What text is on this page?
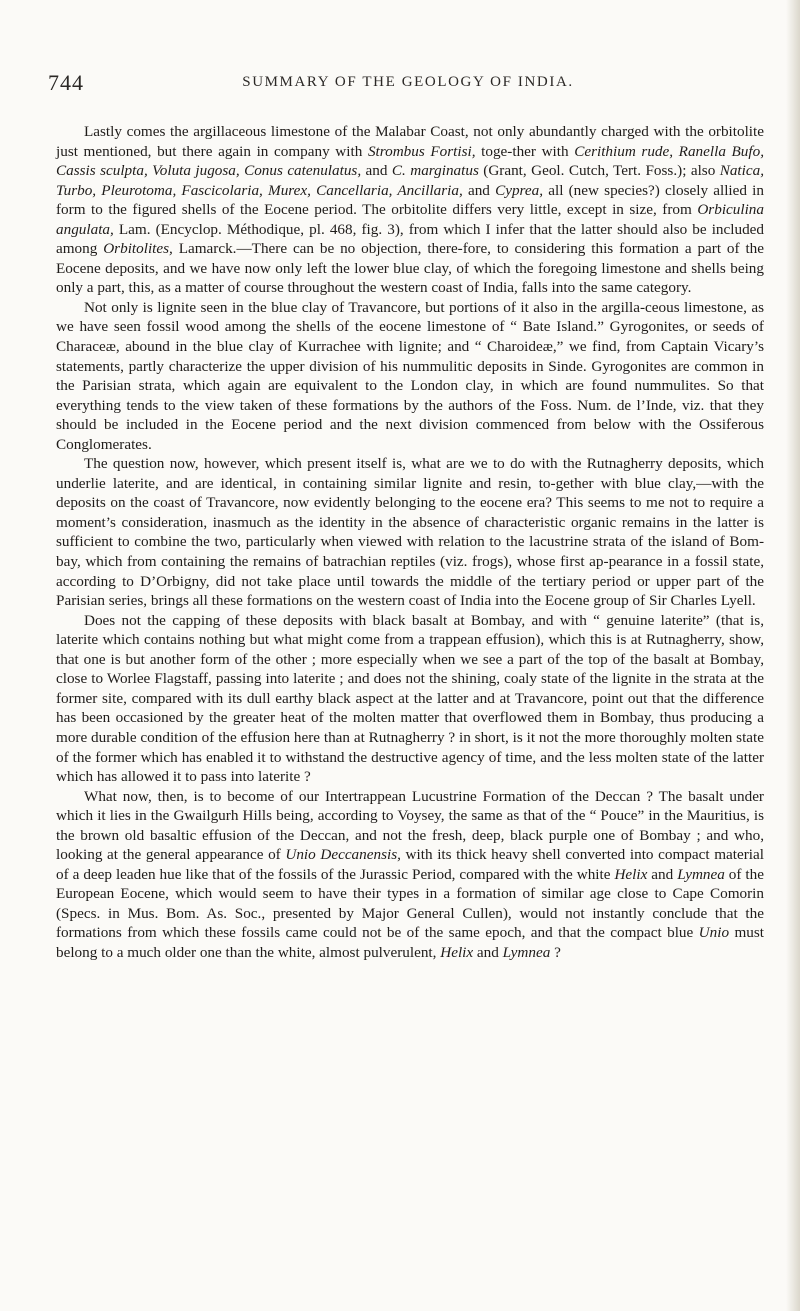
744	SUMMARY OF THE GEOLOGY OF INDIA.

Lastly comes the argillaceous limestone of the Malabar Coast, not only abundantly charged with the orbitolite just mentioned, but there again in company with Strombus Fortisi, toge-ther with Cerithium rude, Ranella Bufo, Cassis sculpta, Voluta jugosa, Conus catenulatus, and C. marginatus (Grant, Geol. Cutch, Tert. Foss.); also Natica, Turbo, Pleurotoma, Fascicolaria, Murex, Cancellaria, Ancillaria, and Cyprea, all (new species?) closely allied in form to the figured shells of the Eocene period. The orbitolite differs very little, except in size, from Orbiculina angulata, Lam. (Encyclop. Méthodique, pl. 468, fig. 3), from which I infer that the latter should also be included among Orbitolites, Lamarck.—There can be no objection, there-fore, to considering this formation a part of the Eocene deposits, and we have now only left the lower blue clay, of which the foregoing limestone and shells being only a part, this, as a matter of course throughout the western coast of India, falls into the same category.

Not only is lignite seen in the blue clay of Travancore, but portions of it also in the argilla-ceous limestone, as we have seen fossil wood among the shells of the eocene limestone of “ Bate Island.” Gyrogonites, or seeds of Characeæ, abound in the blue clay of Kurrachee with lignite; and “ Charoideæ,” we find, from Captain Vicary’s statements, partly characterize the upper division of his nummulitic deposits in Sinde. Gyrogonites are common in the Parisian strata, which again are equivalent to the London clay, in which are found nummulites. So that everything tends to the view taken of these formations by the authors of the Foss. Num. de l’Inde, viz. that they should be included in the Eocene period and the next division commenced from below with the Ossiferous Conglomerates.

The question now, however, which present itself is, what are we to do with the Rutnagherry deposits, which underlie laterite, and are identical, in containing similar lignite and resin, to-gether with blue clay,—with the deposits on the coast of Travancore, now evidently belonging to the eocene era? This seems to me not to require a moment’s consideration, inasmuch as the identity in the absence of characteristic organic remains in the latter is sufficient to combine the two, particularly when viewed with relation to the lacustrine strata of the island of Bom-bay, which from containing the remains of batrachian reptiles (viz. frogs), whose first ap-pearance in a fossil state, according to D’Orbigny, did not take place until towards the middle of the tertiary period or upper part of the Parisian series, brings all these formations on the western coast of India into the Eocene group of Sir Charles Lyell.

Does not the capping of these deposits with black basalt at Bombay, and with “ genuine laterite” (that is, laterite which contains nothing but what might come from a trappean effusion), which this is at Rutnagherry, show, that one is but another form of the other ; more especially when we see a part of the top of the basalt at Bombay, close to Worlee Flagstaff, passing into laterite ; and does not the shining, coaly state of the lignite in the strata at the former site, compared with its dull earthy black aspect at the latter and at Travancore, point out that the difference has been occasioned by the greater heat of the molten matter that overflowed them in Bombay, thus producing a more durable condition of the effusion here than at Rutnagherry ? in short, is it not the more thoroughly molten state of the former which has enabled it to withstand the destructive agency of time, and the less molten state of the latter which has allowed it to pass into laterite ?

What now, then, is to become of our Intertrappean Lucustrine Formation of the Deccan ? The basalt under which it lies in the Gwailgurh Hills being, according to Voysey, the same as that of the “ Pouce” in the Mauritius, is the brown old basaltic effusion of the Deccan, and not the fresh, deep, black purple one of Bombay ; and who, looking at the general appearance of Unio Deccanensis, with its thick heavy shell converted into compact material of a deep leaden hue like that of the fossils of the Jurassic Period, compared with the white Helix and Lymnea of the European Eocene, which would seem to have their types in a formation of similar age close to Cape Comorin (Specs. in Mus. Bom. As. Soc., presented by Major General Cullen), would not instantly conclude that the formations from which these fossils came could not be of the same epoch, and that the compact blue Unio must belong to a much older one than the white, almost pulverulent, Helix and Lymnea ?
